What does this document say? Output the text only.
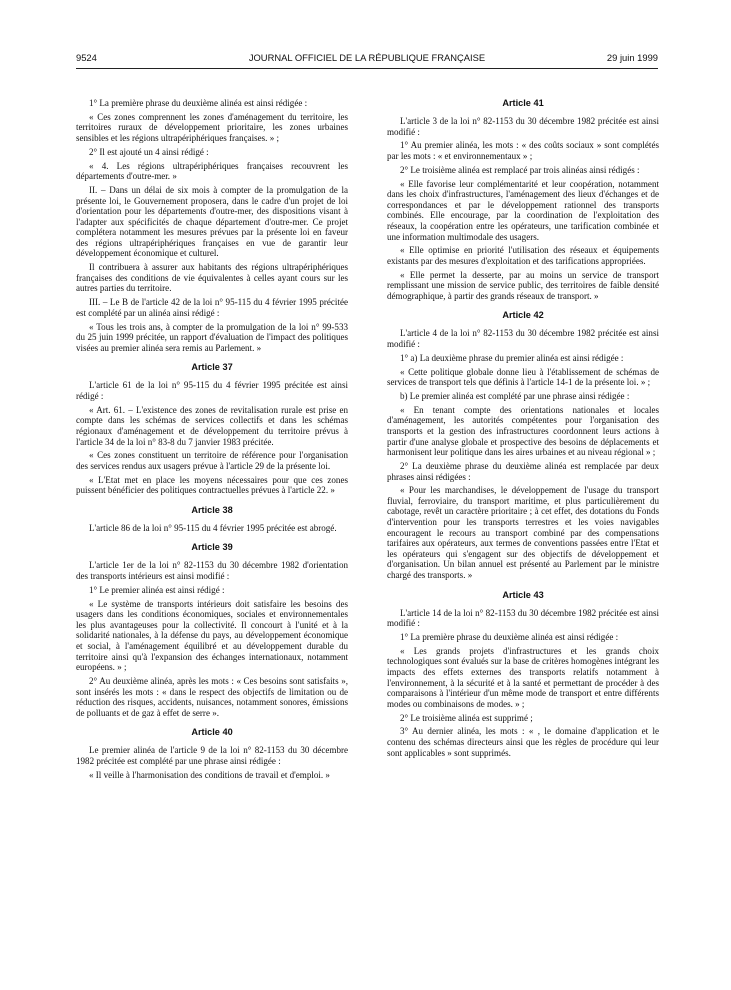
9524	JOURNAL OFFICIEL DE LA RÉPUBLIQUE FRANÇAISE	29 juin 1999

1° La première phrase du deuxième alinéa est ainsi rédigée :

« Ces zones comprennent les zones d'aménagement du territoire, les territoires ruraux de développement prioritaire, les zones urbaines sensibles et les régions ultrapériphériques françaises. » ;

2° Il est ajouté un 4 ainsi rédigé :

« 4. Les régions ultrapériphériques françaises recouvrent les départements d'outre-mer. »

II. – Dans un délai de six mois à compter de la promulgation de la présente loi, le Gouvernement proposera, dans le cadre d'un projet de loi d'orientation pour les départements d'outre-mer, des dispositions visant à l'adapter aux spécificités de chaque département d'outre-mer. Ce projet complétera notamment les mesures prévues par la présente loi en faveur des régions ultrapériphériques françaises en vue de garantir leur développement économique et culturel.

Il contribuera à assurer aux habitants des régions ultrapériphériques françaises des conditions de vie équivalentes à celles ayant cours sur les autres parties du territoire.

III. – Le B de l'article 42 de la loi n° 95-115 du 4 février 1995 précitée est complété par un alinéa ainsi rédigé :

« Tous les trois ans, à compter de la promulgation de la loi n° 99-533 du 25 juin 1999 précitée, un rapport d'évaluation de l'impact des politiques visées au premier alinéa sera remis au Parlement. »

Article 37

L'article 61 de la loi n° 95-115 du 4 février 1995 précitée est ainsi rédigé :

« Art. 61. – L'existence des zones de revitalisation rurale est prise en compte dans les schémas de services collectifs et dans les schémas régionaux d'aménagement et de développement du territoire prévus à l'article 34 de la loi n° 83-8 du 7 janvier 1983 précitée.

« Ces zones constituent un territoire de référence pour l'organisation des services rendus aux usagers prévue à l'article 29 de la présente loi.

« L'Etat met en place les moyens nécessaires pour que ces zones puissent bénéficier des politiques contractuelles prévues à l'article 22. »

Article 38

L'article 86 de la loi n° 95-115 du 4 février 1995 précitée est abrogé.

Article 39

L'article 1er de la loi n° 82-1153 du 30 décembre 1982 d'orientation des transports intérieurs est ainsi modifié :

1° Le premier alinéa est ainsi rédigé :

« Le système de transports intérieurs doit satisfaire les besoins des usagers dans les conditions économiques, sociales et environnementales les plus avantageuses pour la collectivité. Il concourt à l'unité et à la solidarité nationales, à la défense du pays, au développement économique et social, à l'aménagement équilibré et au développement durable du territoire ainsi qu'à l'expansion des échanges internationaux, notamment européens. » ;

2° Au deuxième alinéa, après les mots : « Ces besoins sont satisfaits », sont insérés les mots : « dans le respect des objectifs de limitation ou de réduction des risques, accidents, nuisances, notamment sonores, émissions de polluants et de gaz à effet de serre ».

Article 40

Le premier alinéa de l'article 9 de la loi n° 82-1153 du 30 décembre 1982 précitée est complété par une phrase ainsi rédigée :

« Il veille à l'harmonisation des conditions de travail et d'emploi. »

Article 41

L'article 3 de la loi n° 82-1153 du 30 décembre 1982 précitée est ainsi modifié :

1° Au premier alinéa, les mots : « des coûts sociaux » sont complétés par les mots : « et environnementaux » ;

2° Le troisième alinéa est remplacé par trois alinéas ainsi rédigés :

« Elle favorise leur complémentarité et leur coopération, notamment dans les choix d'infrastructures, l'aménagement des lieux d'échanges et de correspondances et par le développement rationnel des transports combinés. Elle encourage, par la coordination de l'exploitation des réseaux, la coopération entre les opérateurs, une tarification combinée et une information multimodale des usagers.

« Elle optimise en priorité l'utilisation des réseaux et équipements existants par des mesures d'exploitation et des tarifications appropriées.

« Elle permet la desserte, par au moins un service de transport remplissant une mission de service public, des territoires de faible densité démographique, à partir des grands réseaux de transport. »

Article 42

L'article 4 de la loi n° 82-1153 du 30 décembre 1982 précitée est ainsi modifié :

1° a) La deuxième phrase du premier alinéa est ainsi rédigée :

« Cette politique globale donne lieu à l'établissement de schémas de services de transport tels que définis à l'article 14-1 de la présente loi. » ;

b) Le premier alinéa est complété par une phrase ainsi rédigée :

« En tenant compte des orientations nationales et locales d'aménagement, les autorités compétentes pour l'organisation des transports et la gestion des infrastructures coordonnent leurs actions à partir d'une analyse globale et prospective des besoins de déplacements et harmonisent leur politique dans les aires urbaines et au niveau régional » ;

2° La deuxième phrase du deuxième alinéa est remplacée par deux phrases ainsi rédigées :

« Pour les marchandises, le développement de l'usage du transport fluvial, ferroviaire, du transport maritime, et plus particulièrement du cabotage, revêt un caractère prioritaire ; à cet effet, des dotations du Fonds d'intervention pour les transports terrestres et les voies navigables encouragent le recours au transport combiné par des compensations tarifaires aux opérateurs, aux termes de conventions passées entre l'Etat et les opérateurs qui s'engagent sur des objectifs de développement et d'organisation. Un bilan annuel est présenté au Parlement par le ministre chargé des transports. »

Article 43

L'article 14 de la loi n° 82-1153 du 30 décembre 1982 précitée est ainsi modifié :

1° La première phrase du deuxième alinéa est ainsi rédigée :

« Les grands projets d'infrastructures et les grands choix technologiques sont évalués sur la base de critères homogènes intégrant les impacts des effets externes des transports relatifs notamment à l'environnement, à la sécurité et à la santé et permettant de procéder à des comparaisons à l'intérieur d'un même mode de transport et entre différents modes ou combinaisons de modes. » ;

2° Le troisième alinéa est supprimé ;

3° Au dernier alinéa, les mots : « , le domaine d'application et le contenu des schémas directeurs ainsi que les règles de procédure qui leur sont applicables » sont supprimés.
